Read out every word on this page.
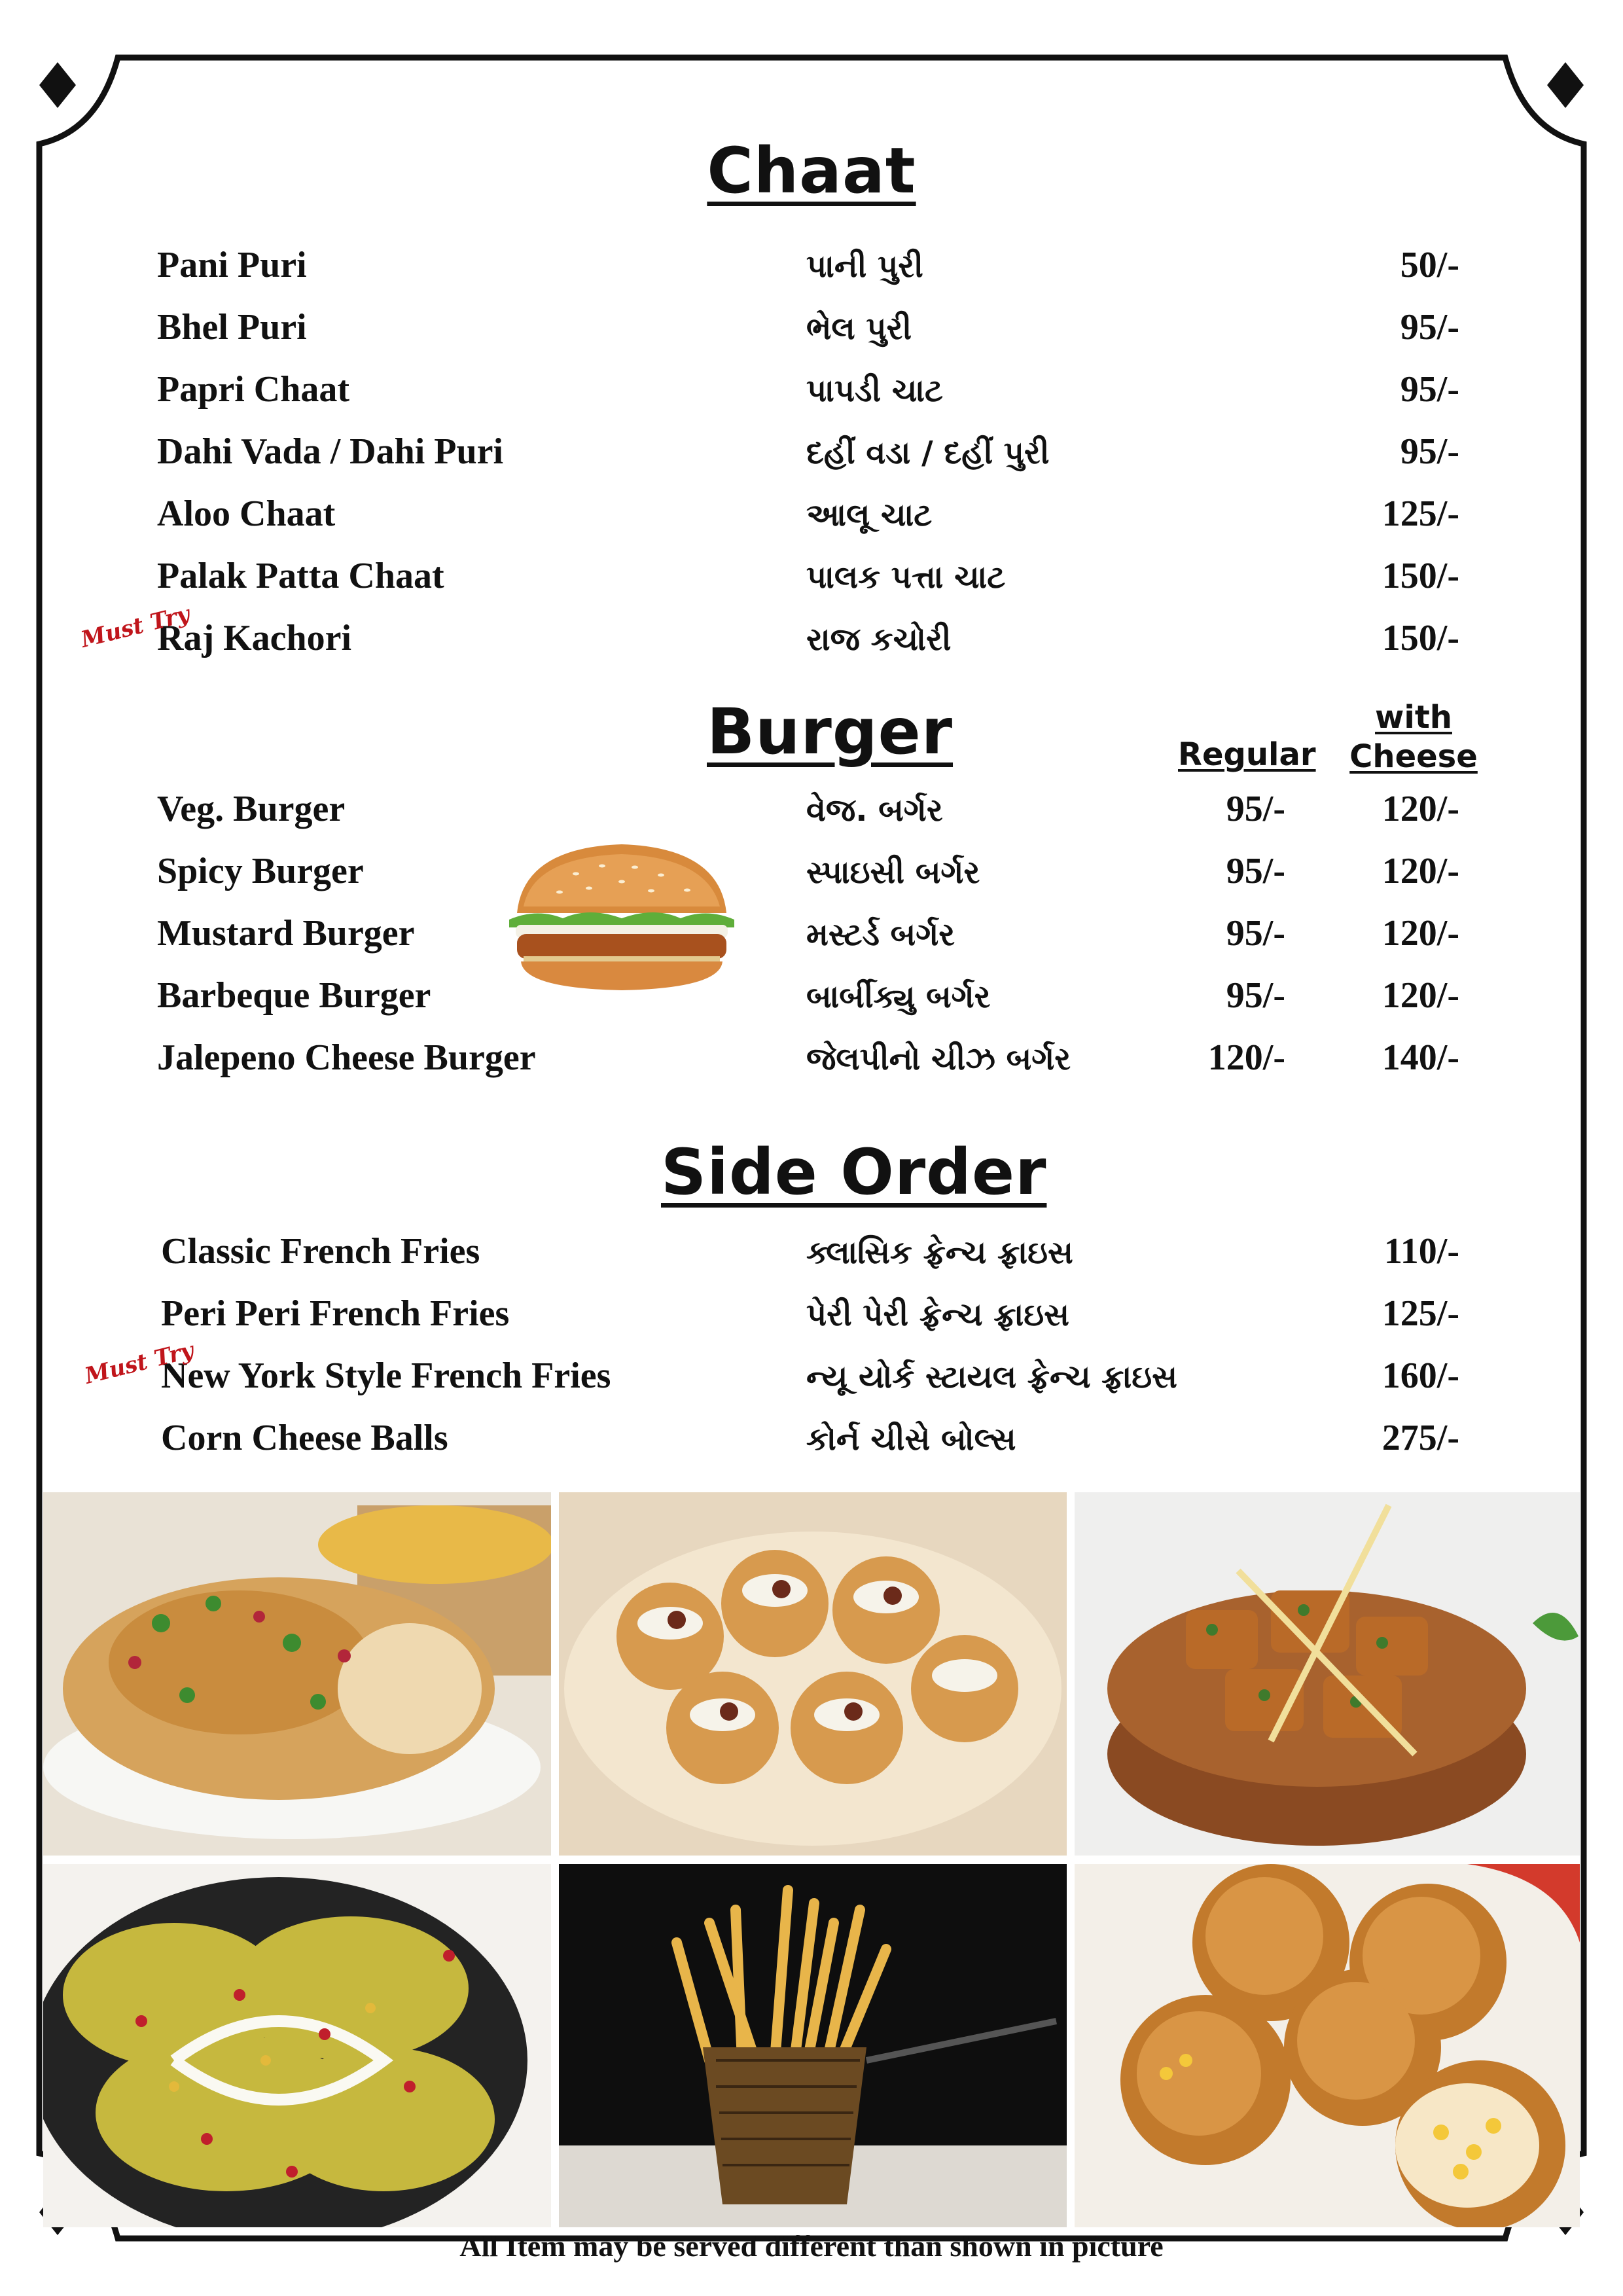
Chaat
Pani Puri	પાની પુરી	50/-
Bhel Puri	ભેલ પુરી	95/-
Papri Chaat	પાપડી ચાટ	95/-
Dahi Vada / Dahi Puri	દહીં વડા / દહીં પુરી	95/-
Aloo Chaat	આલૂ ચાટ	125/-
Palak Patta Chaat	પાલક પત્તા ચાટ	150/-
Raj Kachori	રાજ કચોરી	150/-
Must Try
Burger	Regular
with
Cheese
Veg. Burger	વેજ. બર્ગર	95/-	120/-
Spicy Burger	સ્પાઇસી બર્ગર	95/-	120/-
Mustard Burger	મસ્ટર્ડ બર્ગર	95/-	120/-
Barbeque Burger	બાર્બીક્યુ બર્ગર	95/-	120/-
Jalepeno Cheese Burger	જેલપીનો ચીઝ બર્ગર	120/-	140/-
Side Order
Classic French Fries	ક્લાસિક ફ્રેન્ચ ફ્રાઇસ	110/-
Peri Peri French Fries	પેરી પેરી ફ્રેન્ચ ફ્રાઇસ	125/-
New York Style French Fries	ન્યૂ યોર્ક સ્ટાયલ ફ્રેન્ચ ફ્રાઇસ	160/-
Corn Cheese Balls	કોર્ન ચીસે બોલ્સ	275/-
Must Try
All Item may be served different than shown in picture
